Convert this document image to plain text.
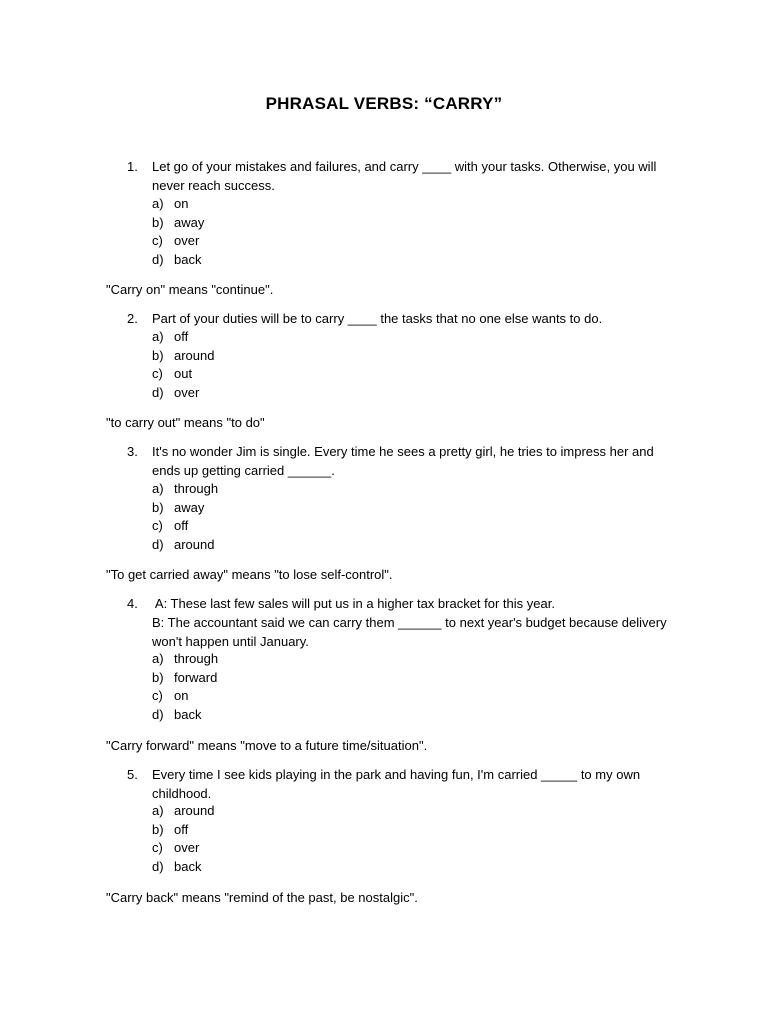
PHRASAL VERBS: “CARRY”
1. Let go of your mistakes and failures, and carry ____ with your tasks. Otherwise, you will
never reach success.
a) on
b) away
c) over
d) back
"Carry on" means "continue".
2. Part of your duties will be to carry ____ the tasks that no one else wants to do.
a) off
b) around
c) out
d) over
"to carry out" means "to do"
3. It's no wonder Jim is single. Every time he sees a pretty girl, he tries to impress her and
ends up getting carried ______.
a) through
b) away
c) off
d) around
"To get carried away" means "to lose self-control".
4. A: These last few sales will put us in a higher tax bracket for this year.
B: The accountant said we can carry them ______ to next year's budget because delivery
won't happen until January.
a) through
b) forward
c) on
d) back
"Carry forward" means "move to a future time/situation".
5. Every time I see kids playing in the park and having fun, I'm carried _____ to my own
childhood.
a) around
b) off
c) over
d) back
"Carry back" means "remind of the past, be nostalgic".
